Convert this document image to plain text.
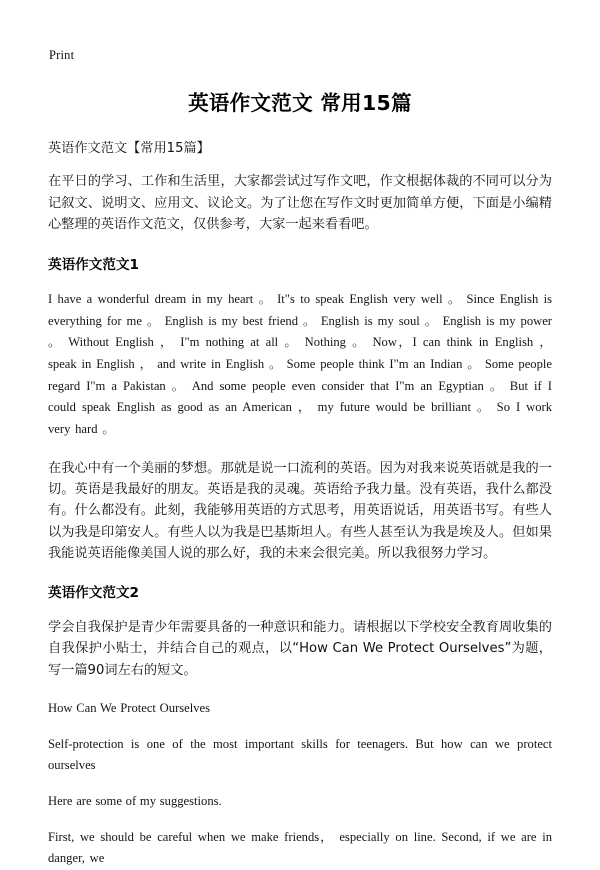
Print
英语作文范文 常用15篇

英语作文范文【常用15篇】

在平日的学习、工作和生活里，大家都尝试过写作文吧，作文根据体裁的不同可以分为记叙文、说明文、应用文、议论文。为了让您在写作文时更加简单方便，下面是小编精心整理的英语作文范文，仅供参考，大家一起来看看吧。

英语作文范文1

I have a wonderful dream in my heart 。 It"s to speak English very well 。 Since English is everything for me 。 English is my best friend 。 English is my soul 。 English is my power 。 Without English ， I"m nothing at all 。 Nothing 。 Now，I can think in English ， speak in English ， and write in English 。 Some people think I"m an Indian 。 Some people regard I"m a Pakistan 。 And some people even consider that I"m an Egyptian 。 But if I could speak English as good as an American ， my future would be brilliant 。 So I work very hard 。

在我心中有一个美丽的梦想。那就是说一口流利的英语。因为对我来说英语就是我的一切。英语是我最好的朋友。英语是我的灵魂。英语给予我力量。没有英语，我什么都没有。什么都没有。此刻，我能够用英语的方式思考，用英语说话，用英语书写。有些人以为我是印第安人。有些人以为我是巴基斯坦人。有些人甚至认为我是埃及人。但如果我能说英语能像美国人说的那么好，我的未来会很完美。所以我很努力学习。

英语作文范文2

学会自我保护是青少年需要具备的一种意识和能力。请根据以下学校安全教育周收集的自我保护小贴士，并结合自己的观点，以“How Can We Protect Ourselves”为题，写一篇90词左右的短文。

How Can We Protect Ourselves

Self-protection is one of the most important skills for teenagers. But how can we protect ourselves

Here are some of my suggestions.

First, we should be careful when we make friends， especially on line. Second, if we are in danger, we
